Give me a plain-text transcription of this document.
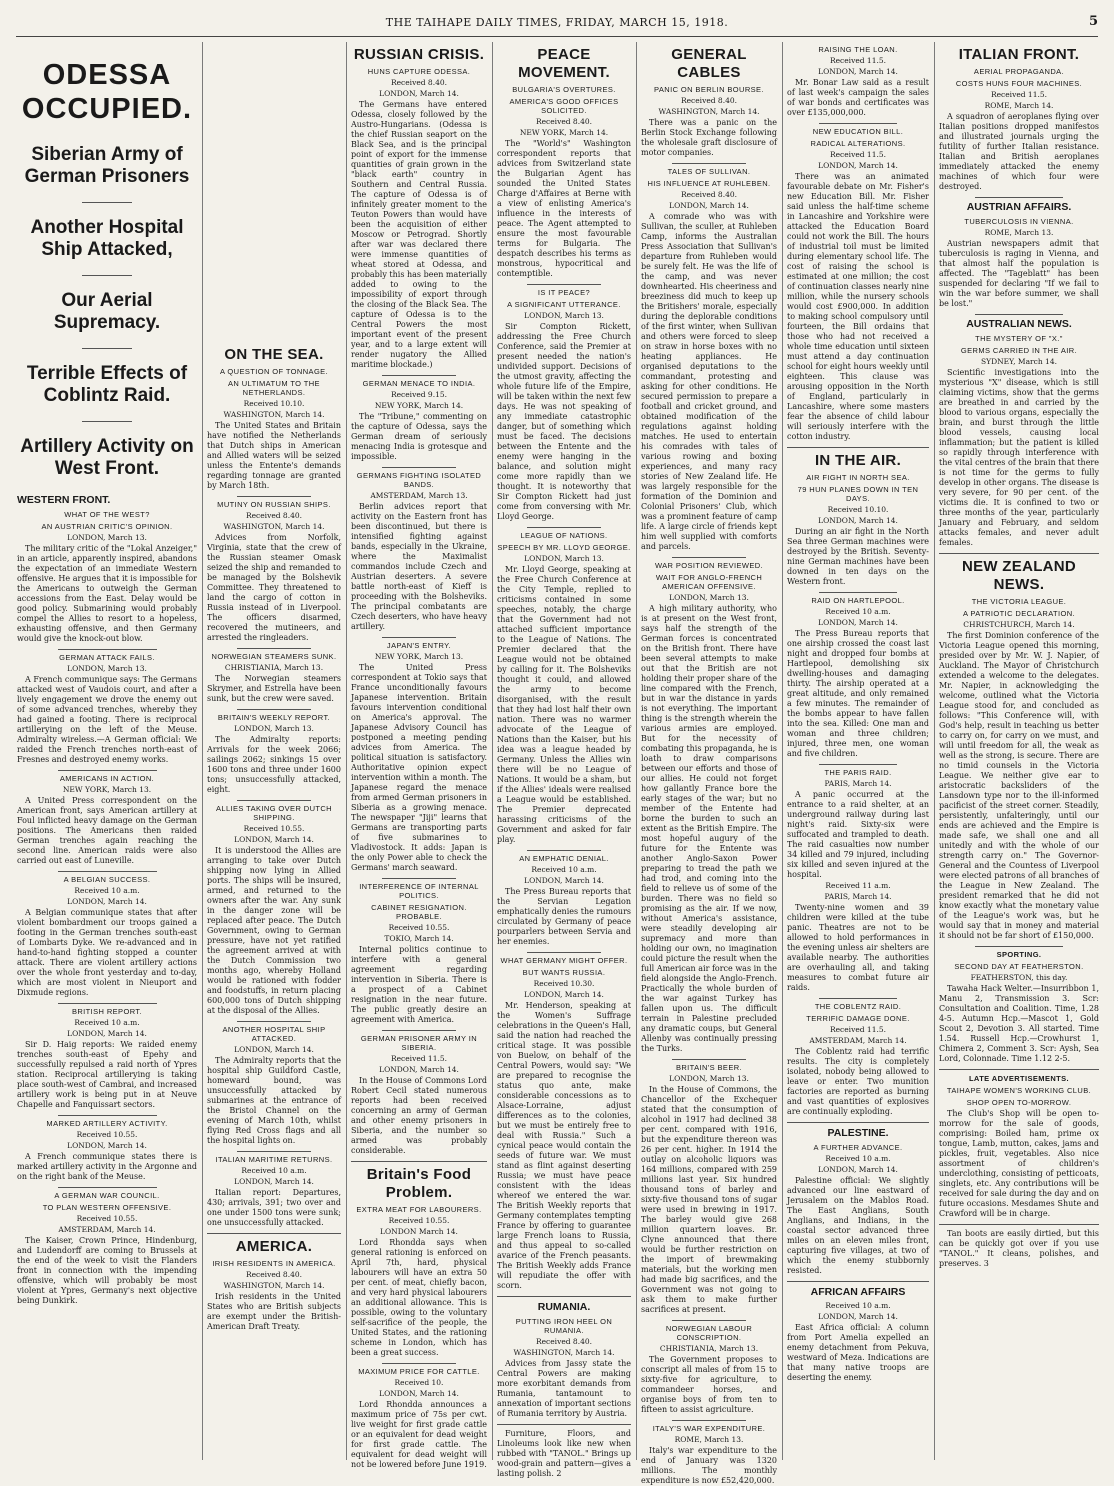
THE TAIHAPE DAILY TIMES, FRIDAY, MARCH 15, 1918.	5
ODESSA OCCUPIED.
Siberian Army of German Prisoners
Another Hospital Ship Attacked,
Our Aerial Supremacy.
Terrible Effects of Coblintz Raid.
Artillery Activity on West Front.
WESTERN FRONT.
WHAT OF THE WEST?
AN AUSTRIAN CRITIC'S OPINION.
LONDON, March 13.

The military critic of the "Lokal Anzeiger," in an article, apparently inspired, abandons the expectation of an immediate Western offensive. He argues that it is impossible for the Americans to outweigh the German accessions from the East. Delay would be good policy. Submarining would probably compel the Allies to resort to a hopeless, exhausting offensive, and then Germany would give the knock-out blow.

GERMAN ATTACK FAILS.
LONDON, March 13.

A French communique says: The Germans attacked west of Vaudois court, and after a lively engagement we drove the enemy out of some advanced trenches, whereby they had gained a footing. There is reciprocal artillerying on the left of the Meuse. Admiralty wireless.—A German official: We raided the French trenches north-east of Fresnes and destroyed enemy works.

AMERICANS IN ACTION.
NEW YORK, March 13.

A United Press correspondent on the American front, says American artillery at Foul inflicted heavy damage on the German positions. The Americans then raided German trenches again reaching the second line. American raids were also carried out east of Luneville.

A BELGIAN SUCCESS.
Received 10 a.m.
LONDON, March 14.

A Belgian communique states that after violent bombardment our troops gained a footing in the German trenches south-east of Lombarts Dyke. We re-advanced and in hand-to-hand fighting stopped a counter attack. There are violent artillery actions over the whole front yesterday and to-day, which are most violent in Nieuport and Dixmude regions.

BRITISH REPORT.
Received 10 a.m.
LONDON, March 14.

Sir D. Haig reports: We raided enemy trenches south-east of Epehy and successfully repulsed a raid north of Ypres station. Reciprocal artillerying is taking place south-west of Cambrai, and increased artillery work is being put in at Neuve Chapelle and Fanquissart sectors.

MARKED ARTILLERY ACTIVITY.
Received 10.55.
LONDON, March 14.

A French communique states there is marked artillery activity in the Argonne and on the right bank of the Meuse.

A GERMAN WAR COUNCIL.
TO PLAN WESTERN OFFENSIVE.
Received 10.55.
AMSTERDAM, March 14.

The Kaiser, Crown Prince, Hindenburg, and Ludendorff are coming to Brussels at the end of the week to visit the Flanders front in connection with the impending offensive, which will probably be most violent at Ypres, Germany's next objective being Dunkirk.

ON THE SEA.
A QUESTION OF TONNAGE.
AN ULTIMATUM TO THE NETHERLANDS.
Received 10.10.
WASHINGTON, March 14.

The United States and Britain have notified the Netherlands that Dutch ships in American and Allied waters will be seized unless the Entente's demands regarding tonnage are granted by March 18th.

MUTINY ON RUSSIAN SHIPS.
Received 8.40.
WASHINGTON, March 14.

Advices from Norfolk, Virginia, state that the crew of the Russian steamer Omask seized the ship and remanded to be managed by the Bolshevik Committee. They threatened to land the cargo of cotton in Russia instead of in Liverpool. The officers disarmed, recovered the mutineers, and arrested the ringleaders.

NORWEGIAN STEAMERS SUNK.
CHRISTIANIA, March 13.

The Norwegian steamers Skrymer, and Estrella have been sunk, but the crew were saved.

BRITAIN'S WEEKLY REPORT.
LONDON, March 13.

The Admiralty reports: Arrivals for the week 2066; sailings 2062; sinkings 15 over 1600 tons and three under 1600 tons; unsuccessfully attacked, eight.

ALLIES TAKING OVER DUTCH SHIPPING.
Received 10.55.
LONDON, March 14.

It is understood the Allies are arranging to take over Dutch shipping now lying in Allied ports. The ships will be insured, armed, and returned to the owners after the war. Any sunk in the danger zone will be replaced after peace. The Dutch Government, owing to German pressure, have not yet ratified the agreement arrived at with the Dutch Commission two months ago, whereby Holland would be rationed with fodder and foodstuffs, in return placing 600,000 tons of Dutch shipping at the disposal of the Allies.

ANOTHER HOSPITAL SHIP ATTACKED.
LONDON, March 14.

The Admiralty reports that the hospital ship Guildford Castle, homeward bound, was unsuccessfully attacked by submarines at the entrance of the Bristol Channel on the evening of March 10th, whilst flying Red Cross flags and all the hospital lights on.

ITALIAN MARITIME RETURNS.
Received 10 a.m.
LONDON, March 14.

Italian report: Departures, 430; arrivals, 391; two over and one under 1500 tons were sunk; one unsuccessfully attacked.

AMERICA.
IRISH RESIDENTS IN AMERICA.
Received 8.40.
WASHINGTON, March 14.

Irish residents in the United States who are British subjects are exempt under the British-American Draft Treaty.

RUSSIAN CRISIS.
HUNS CAPTURE ODESSA.
Received 8.40.
LONDON, March 14.

The Germans have entered Odessa, closely followed by the Austro-Hungarians. (Odessa is the chief Russian seaport on the Black Sea, and is the principal point of export for the immense quantities of grain grown in the "black earth" country in Southern and Central Russia. The capture of Odessa is of infinitely greater moment to the Teuton Powers than would have been the acquisition of either Moscow or Petrograd. Shortly after war was declared there were immense quantities of wheat stored at Odessa, and probably this has been materially added to owing to the impossibility of export through the closing of the Black Sea. The capture of Odessa is to the Central Powers the most important event of the present year, and to a large extent will render nugatory the Allied maritime blockade.)

GERMAN MENACE TO INDIA.
Received 9.15.
NEW YORK, March 14.

The "Tribune," commenting on the capture of Odessa, says the German dream of seriously menacing India is grotesque and impossible.

GERMANS FIGHTING ISOLATED BANDS.
AMSTERDAM, March 13.

Berlin advices report that activity on the Eastern front has been discontinued, but there is intensified fighting against bands, especially in the Ukraine, where the Maximalist commandos include Czech and Austrian deserters. A severe battle north-east of Kieff is proceeding with the Bolsheviks. The principal combatants are Czech deserters, who have heavy artillery.

JAPAN'S ENTRY.
NEW YORK, March 13.

The United Press correspondent at Tokio says that France unconditionally favours Japanese intervention. Britain favours intervention conditional on America's approval. The Japanese Advisory Council has postponed a meeting pending advices from America. The political situation is satisfactory. Authoritative opinion expect intervention within a month. The Japanese regard the menace from armed German prisoners in Siberia as a growing menace. The newspaper "Jiji" learns that Germans are transporting parts of five submarines to Vladivostock. It adds: Japan is the only Power able to check the Germans' march seaward.

INTERFERENCE OF INTERNAL POLITICS.
CABINET RESIGNATION. PROBABLE.
Received 10.55.
TOKIO, March 14.

Internal politics continue to interfere with a general agreement regarding intervention in Siberia. There is a prospect of a Cabinet resignation in the near future. The public greatly desire an agreement with America.

GERMAN PRISONER ARMY IN SIBERIA.
Received 11.5.
LONDON, March 14.

In the House of Commons Lord Robert Cecil stated numerous reports had been received concerning an army of German and other enemy prisoners in Siberia, and the number so armed was probably considerable.

Britain's Food Problem.
EXTRA MEAT FOR LABOURERS.
Received 10.55.
LONDON March 14.

Lord Rhondda says when general rationing is enforced on April 7th, hard, physical labourers will have an extra 50 per cent. of meat, chiefly bacon, and very hard physical labourers an additional allowance. This is possible, owing to the voluntary self-sacrifice of the people, the United States, and the rationing scheme in London, which has been a great success.

MAXIMUM PRICE FOR CATTLE.
Received 10.
LONDON, March 14.

Lord Rhondda announces a maximum price of 75s per cwt. live weight for first grade cattle or an equivalent for dead weight for first grade cattle. The equivalent for dead weight will not be lowered before June 1919.

PEACE MOVEMENT.
BULGARIA'S OVERTURES.
AMERICA'S GOOD OFFICES SOLICITED.
Received 8.40.
NEW YORK, March 14.

The "World's" Washington correspondent reports that advices from Switzerland state the Bulgarian Agent has sounded the United States Charge d'Affaires at Berne with a view of enlisting America's influence in the interests of peace. The Agent attempted to ensure the most favourable terms for Bulgaria. The despatch describes his terms as monstrous, hypocritical and contemptible.

IS IT PEACE?
A SIGNIFICANT UTTERANCE.
LONDON, March 13.

Sir Compton Rickett, addressing the Free Church Conference, said the Premier at present needed the nation's undivided support. Decisions of the utmost gravity, affecting the whole future life of the Empire, will be taken within the next few days. He was not speaking of any immediate catastrophic danger, but of something which must be faced. The decisions between the Entente and the enemy were hanging in the balance, and solution might come more rapidly than we thought. It is noteworthy that Sir Compton Rickett had just come from conversing with Mr. Lloyd George.

LEAGUE OF NATIONS.
SPEECH BY MR. LLOYD GEORGE.
LONDON, March 13.

Mr. Lloyd George, speaking at the Free Church Conference at the City Temple, replied to criticisms contained in some speeches, notably, the charge that the Government had not attached sufficient importance to the League of Nations. The Premier declared that the League would not be obtained by calling for it. The Bolsheviks thought it could, and allowed the army to become disorganised, with the result that they had lost half their own nation. There was no warmer advocate of the League of Nations than the Kaiser, but his idea was a league headed by Germany. Unless the Allies win there will be no League of Nations. It would be a sham, but if the Allies' ideals were realised a League would be established. The Premier deprecated harassing criticisms of the Government and asked for fair play.

AN EMPHATIC DENIAL.
Received 10 a.m.
LONDON, March 14.

The Press Bureau reports that the Servian Legation emphatically denies the rumours circulated by Germany of peace pourparlers between Servia and her enemies.

WHAT GERMANY MIGHT OFFER.
BUT WANTS RUSSIA.
Received 10.30.
LONDON, March 14.

Mr. Henderson, speaking at the Women's Suffrage celebrations in the Queen's Hall, said the nation had reached the critical stage. It was possible von Buelow, on behalf of the Central Powers, would say: "We are prepared to recognise the status quo ante, make considerable concessions as to Alsace-Lorraine, adjust differences as to the colonies, but we must be entirely free to deal with Russia." Such a cynical peace would contain the seeds of future war. We must stand as flint against deserting Russia; we must have peace consistent with the ideas whereof we entered the war. The British Weekly reports that Germany contemplates tempting France by offering to guarantee large French loans to Russia, and thus appeal to so-called avarice of the French peasants. The British Weekly adds France will repudiate the offer with scorn.

RUMANIA.
PUTTING IRON HEEL ON RUMANIA.
Received 8.40.
WASHINGTON, March 14.

Advices from Jassy state the Central Powers are making more exorbitant demands from Rumania, tantamount to annexation of important sections of Rumania territory by Austria.

Furniture, Floors, and Linoleums look like new when rubbed with "TANOL." Brings up wood-grain and pattern—gives a lasting polish. 2

GENERAL CABLES
PANIC ON BERLIN BOURSE.
Received 8.40.
WASHINGTON, March 14.

There was a panic on the Berlin Stock Exchange following the wholesale graft disclosure of motor companies.

TALES OF SULLIVAN.
HIS INFLUENCE AT RUHLEBEN.
Received 8.40.
LONDON, March 14.

A comrade who was with Sullivan, the sculler, at Ruhleben Camp, informs the Australian Press Association that Sullivan's departure from Ruhleben would be surely felt. He was the life of the camp, and was never downhearted. His cheeriness and breeziness did much to keep up the Britishers' morale, especially during the deplorable conditions of the first winter, when Sullivan and others were forced to sleep on straw in horse boxes with no heating appliances. He organised deputations to the commandant, protesting and asking for other conditions. He secured permission to prepare a football and cricket ground, and obtained modification of the regulations against holding matches. He used to entertain his comrades with tales of various rowing and boxing experiences, and many racy stories of New Zealand life. He was largely responsible for the formation of the Dominion and Colonial Prisoners' Club, which was a prominent feature of camp life. A large circle of friends kept him well supplied with comforts and parcels.

WAR POSITION REVIEWED.
WAIT FOR ANGLO-FRENCH AMERICAN OFFENSIVE.
LONDON, March 13.

A high military authority, who is at present on the West front, says half the strength of the German forces is concentrated on the British front. There have been several attempts to make out that the British are not holding their proper share of the line compared with the French, but in war the distance in yards is not everything. The important thing is the strength wherein the various armies are employed. But for the necessity of combating this propaganda, he is loath to draw comparisons between our efforts and those of our allies. He could not forget how gallantly France bore the early stages of the war; but no member of the Entente had borne the burden to such an extent as the British Empire. The most hopeful augury of the future for the Entente was another Anglo-Saxon Power preparing to tread the path we had trod, and coming into the field to relieve us of some of the burden. There was no field so promising as the air. If we now, without America's assistance, were steadily developing air supremacy and more than holding our own, no imagination could picture the result when the full American air force was in the field alongside the Anglo-French. Practically the whole burden of the war against Turkey has fallen upon us. The difficult terrain in Palestine precluded any dramatic coups, but General Allenby was continually pressing the Turks.

BRITAIN'S BEER.
LONDON, March 13.

In the House of Commons, the Chancellor of the Exchequer stated that the consumption of alcohol in 1917 had declined 38 per cent. compared with 1916, but the expenditure thereon was 26 per cent. higher. In 1914 the outlay on alcoholic liquors was 164 millions, compared with 259 millions last year. Six hundred thousand tons of barley and sixty-five thousand tons of sugar were used in brewing in 1917. The barley would give 268 million quartern loaves. Br. Clyne announced that there would be further restriction on the import of brewmaking materials, but the working men had made big sacrifices, and the Government was not going to ask them to make further sacrifices at present.

NORWEGIAN LABOUR CONSCRIPTION.
CHRISTIANIA, March 13.

The Government proposes to conscript all males of from 15 to sixty-five for agriculture, to commandeer horses, and organise boys of from ten to fifteen to assist agriculture.

ITALY'S WAR EXPENDITURE.
ROME, March 13.

Italy's war expenditure to the end of January was 1320 millions. The monthly expenditure is now £52,420,000.

RAISING THE LOAN.
Received 11.5.
LONDON, March 14.

Mr. Bonar Law said as a result of last week's campaign the sales of war bonds and certificates was over £135,000,000.

NEW EDUCATION BILL.
RADICAL ALTERATIONS.
Received 11.5.
LONDON, March 14.

There was an animated favourable debate on Mr. Fisher's new Education Bill. Mr. Fisher said unless the half-time scheme in Lancashire and Yorkshire were attacked the Education Board could not work the Bill. The hours of industrial toil must be limited during elementary school life. The cost of raising the school is estimated at one million; the cost of continuation classes nearly nine million, while the nursery schools would cost £900,000. In addition to making school compulsory until fourteen, the Bill ordains that those who had not received a whole time education until sixteen must attend a day continuation school for eight hours weekly until eighteen. This clause was arousing opposition in the North of England, particularly in Lancashire, where some masters fear the absence of child labour will seriously interfere with the cotton industry.

IN THE AIR.
AIR FIGHT IN NORTH SEA.
79 HUN PLANES DOWN IN TEN DAYS.
Received 10.10.
LONDON, March 14.

During an air fight in the North Sea three German machines were destroyed by the British. Seventy-nine German machines have been downed in ten days on the Western front.

RAID ON HARTLEPOOL.
Received 10 a.m.
LONDON, March 14.

The Press Bureau reports that one airship crossed the coast last night and dropped four bombs at Hartlepool, demolishing six dwelling-houses and damaging thirty. The airship operated at a great altitude, and only remained a few minutes. The remainder of the bombs appear to have fallen into the sea. Killed: One man and woman and three children; injured, three men, one woman and five children.

THE PARIS RAID.
PARIS, March 14.

A panic occurred at the entrance to a raid shelter, at an underground railway during last night's raid. Sixty-six were suffocated and trampled to death. The raid casualties now number 34 killed and 79 injured, including six killed and seven injured at the hospital.

Received 11 a.m.
PARIS, March 14.

Twenty-nine women and 39 children were killed at the tube panic. Theatres are not to be allowed to hold performances in the evening unless air shelters are available nearby. The authorities are overhauling all, and taking measures to combat future air raids.

THE COBLENTZ RAID.
TERRIFIC DAMAGE DONE.
Received 11.5.
AMSTERDAM, March 14.

The Coblentz raid had terrific results. The city is completely isolated, nobody being allowed to leave or enter. Two munition factories are reported as burning and vast quantities of explosives are continually exploding.

PALESTINE.
A FURTHER ADVANCE.
Received 10 a.m.
LONDON, March 14.

Palestine official: We slightly advanced our line eastward of Jerusalem on the Mablos Road. The East Anglians, South Anglians, and Indians, in the coastal sector advanced three miles on an eleven miles front, capturing five villages, at two of which the enemy stubbornly resisted.

AFRICAN AFFAIRS
Received 10 a.m.
LONDON, March 14.

East Africa official: A column from Port Amelia expelled an enemy detachment from Pekuva, westward of Meza. Indications are that many native troops are deserting the enemy.

ITALIAN FRONT.
AERIAL PROPAGANDA.
COSTS HUNS FOUR MACHINES.
Received 11.5.
ROME, March 14.

A squadron of aeroplanes flying over Italian positions dropped manifestos and illustrated journals urging the futility of further Italian resistance. Italian and British aeroplanes immediately attacked the enemy machines of which four were destroyed.

AUSTRIAN AFFAIRS.
TUBERCULOSIS IN VIENNA.
ROME, March 13.

Austrian newspapers admit that tuberculosis is raging in Vienna, and that almost half the population is affected. The "Tageblatt" has been suspended for declaring "If we fail to win the war before summer, we shall be lost."

AUSTRALIAN NEWS.
THE MYSTERY OF "X."
GERMS CARRIED IN THE AIR.
SYDNEY, March 14.

Scientific investigations into the mysterious "X" disease, which is still claiming victims, show that the germs are breathed in and carried by the blood to various organs, especially the brain, and burst through the little blood vessels, causing local inflammation; but the patient is killed so rapidly through interference with the vital centres of the brain that there is not time for the germs to fully develop in other organs. The disease is very severe, for 90 per cent. of the victims die. It is confined to two or three months of the year, particularly January and February, and seldom attacks females, and never adult females.

NEW ZEALAND NEWS.
THE VICTORIA LEAGUE.
A PATRIOTIC DECLARATION.
CHRISTCHURCH, March 14.

The first Dominion conference of the Victoria League opened this morning, presided over by Mr. W. J. Napier, of Auckland. The Mayor of Christchurch extended a welcome to the delegates. Mr. Napier, in acknowledging the welcome, outlined what the Victoria League stood for, and concluded as follows: "This Conference will, with God's help, result in teaching us better to carry on, for carry on we must, and will until freedom for all, the weak as well as the strong, is secure. There are no timid counsels in the Victoria League. We neither give ear to aristocratic backsliders of the Lansdown type nor to the ill-informed pacificist of the street corner. Steadily, persistently, unfalteringly, until our ends are achieved and the Empire is made safe, we shall one and all unitedly and with the whole of our strength carry on." The Governor-General and the Countess of Liverpool were elected patrons of all branches of the League in New Zealand. The president remarked that he did not know exactly what the monetary value of the League's work was, but he would say that in money and material it should not be far short of £150,000.

SPORTING.
SECOND DAY AT FEATHERSTON.
FEATHERSTON, this day.

Tawaha Hack Welter.—Insurribbon 1, Manu 2, Transmission 3. Scr: Consultation and Coalition. Time, 1.28 4-5. Autumn Hcp.—Mascot 1, Gold Scout 2, Devotion 3. All started. Time 1.54. Russell Hcp.—Crowhurst 1, Chimera 2, Comment 3. Scr: Aysh, Sea Lord, Colonnade. Time 1.12 2-5.

LATE ADVERTISEMENTS.
TAIHAPE WOMEN'S WORKING CLUB.
SHOP OPEN TO-MORROW.

The Club's Shop will be open to-morrow for the sale of goods, comprising: Boiled ham, prime ox tongue, Lamb, mutton, cakes, jams and pickles, fruit, vegetables. Also nice assortment of children's underclothing, consisting of petticoats, singlets, etc. Any contributions will be received for sale during the day and on future occasions. Mesdames Shute and Crawford will be in charge.

Tan boots are easily dirtied, but this can be quickly got over if you use "TANOL." It cleans, polishes, and preserves. 3
